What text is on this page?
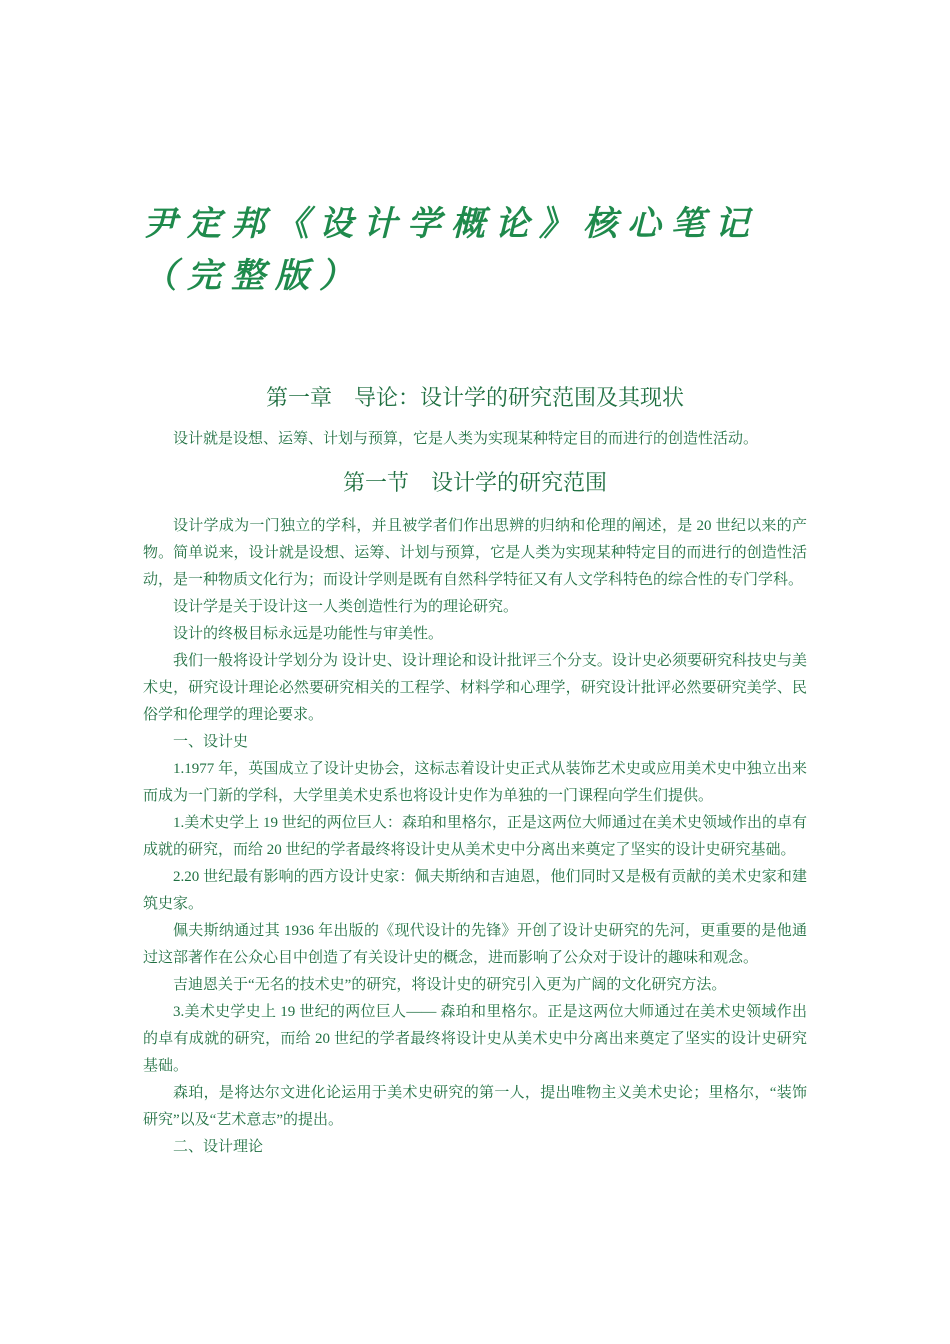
尹定邦《设计学概论》核心笔记（完整版）
第一章　导论：设计学的研究范围及其现状

设计就是设想、运筹、计划与预算，它是人类为实现某种特定目的而进行的创造性活动。

第一节　设计学的研究范围

设计学成为一门独立的学科，并且被学者们作出思辨的归纳和伦理的阐述，是 20 世纪以来的产物。简单说来，设计就是设想、运筹、计划与预算，它是人类为实现某种特定目的而进行的创造性活动，是一种物质文化行为；而设计学则是既有自然科学特征又有人文学科特色的综合性的专门学科。

设计学是关于设计这一人类创造性行为的理论研究。

设计的终极目标永远是功能性与审美性。

我们一般将设计学划分为 设计史、设计理论和设计批评三个分支。设计史必须要研究科技史与美术史，研究设计理论必然要研究相关的工程学、材料学和心理学，研究设计批评必然要研究美学、民俗学和伦理学的理论要求。

一、设计史

1.1977 年，英国成立了设计史协会，这标志着设计史正式从装饰艺术史或应用美术史中独立出来而成为一门新的学科，大学里美术史系也将设计史作为单独的一门课程向学生们提供。

1.美术史学上 19 世纪的两位巨人：森珀和里格尔，正是这两位大师通过在美术史领域作出的卓有成就的研究，而给 20 世纪的学者最终将设计史从美术史中分离出来奠定了坚实的设计史研究基础。

2.20 世纪最有影响的西方设计史家：佩夫斯纳和吉迪恩，他们同时又是极有贡献的美术史家和建筑史家。

佩夫斯纳通过其 1936 年出版的《现代设计的先锋》开创了设计史研究的先河，更重要的是他通过这部著作在公众心目中创造了有关设计史的概念，进而影响了公众对于设计的趣味和观念。

吉迪恩关于“无名的技术史”的研究，将设计史的研究引入更为广阔的文化研究方法。

3.美术史学史上 19 世纪的两位巨人—— 森珀和里格尔。正是这两位大师通过在美术史领域作出的卓有成就的研究，而给 20 世纪的学者最终将设计史从美术史中分离出来奠定了坚实的设计史研究基础。

森珀，是将达尔文进化论运用于美术史研究的第一人，提出唯物主义美术史论；里格尔，“装饰研究”以及“艺术意志”的提出。

二、设计理论
